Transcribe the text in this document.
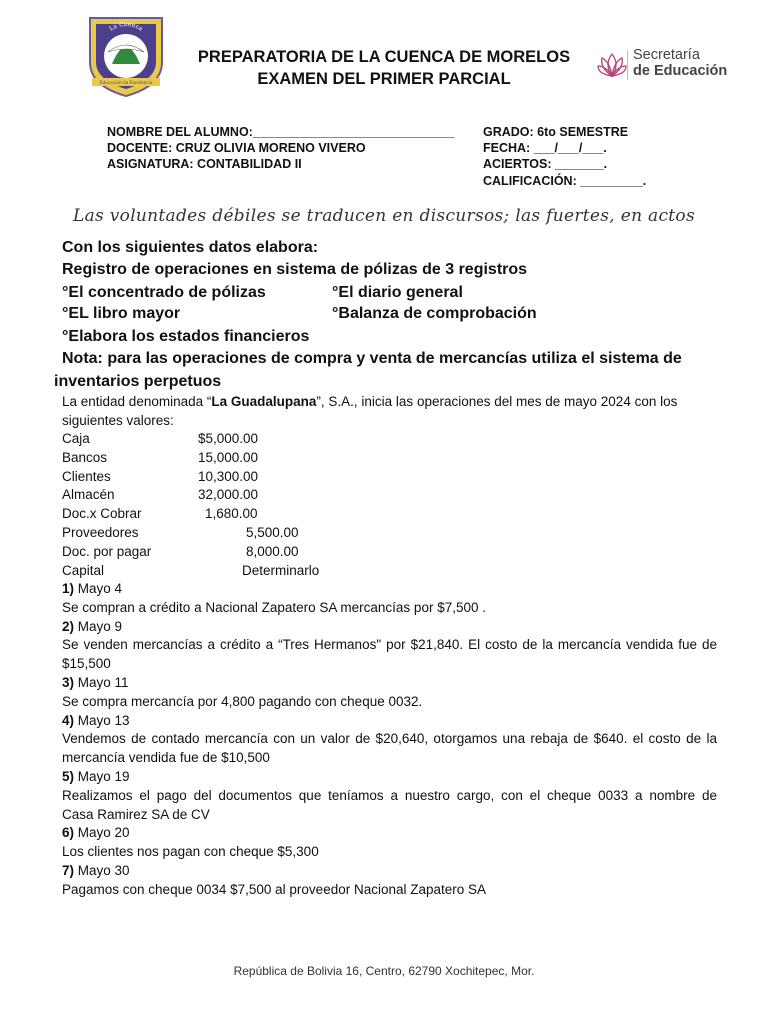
La Cuenca
Universidad	De Morelos
UCM
Educación de Excelencia
PREPARATORIA DE LA CUENCA DE MORELOS
EXAMEN DEL PRIMER PARCIAL
Secretaría
de Educación
NOMBRE DEL ALUMNO:_____________________________
DOCENTE: CRUZ OLIVIA MORENO VIVERO
ASIGNATURA: CONTABILIDAD II
GRADO: 6to SEMESTRE
FECHA: ___/___/___.
ACIERTOS: _______.
CALIFICACIÓN: _________.
Las voluntades débiles se traducen en discursos; las fuertes, en actos
Con los siguientes datos elabora:
Registro de operaciones en sistema de pólizas de 3 registros
°El concentrado de pólizas	°El diario general
°EL libro mayor	°Balanza de comprobación
°Elabora los estados financieros
Nota: para las operaciones de compra y venta de mercancías utiliza el sistema de
inventarios perpetuos
La entidad denominada “La Guadalupana”, S.A., inicia las operaciones del mes de mayo 2024 con los
siguientes valores:
Caja	$5,000.00
Bancos	15,000.00
Clientes	10,300.00
Almacén	32,000.00
Doc.x Cobrar	1,680.00
Proveedores	5,500.00
Doc. por pagar	8,000.00
Capital	Determinarlo
1) Mayo 4
Se compran a crédito a Nacional Zapatero SA mercancías por $7,500 .
2) Mayo 9
Se venden mercancías a crédito a “Tres Hermanos" por $21,840. El costo de la mercancía vendida fue de
$15,500
3) Mayo 11
Se compra mercancía por 4,800 pagando con cheque 0032.
4) Mayo 13
Vendemos de contado mercancía con un valor de $20,640, otorgamos una rebaja de $640. el costo de la
mercancía vendida fue de $10,500
5) Mayo 19
Realizamos el pago del documentos que teníamos a nuestro cargo, con el cheque 0033 a nombre de
Casa Ramirez SA de CV
6) Mayo 20
Los clientes nos pagan con cheque $5,300
7) Mayo 30
Pagamos con cheque 0034 $7,500 al proveedor Nacional Zapatero SA
República de Bolivia 16, Centro, 62790 Xochitepec, Mor.
